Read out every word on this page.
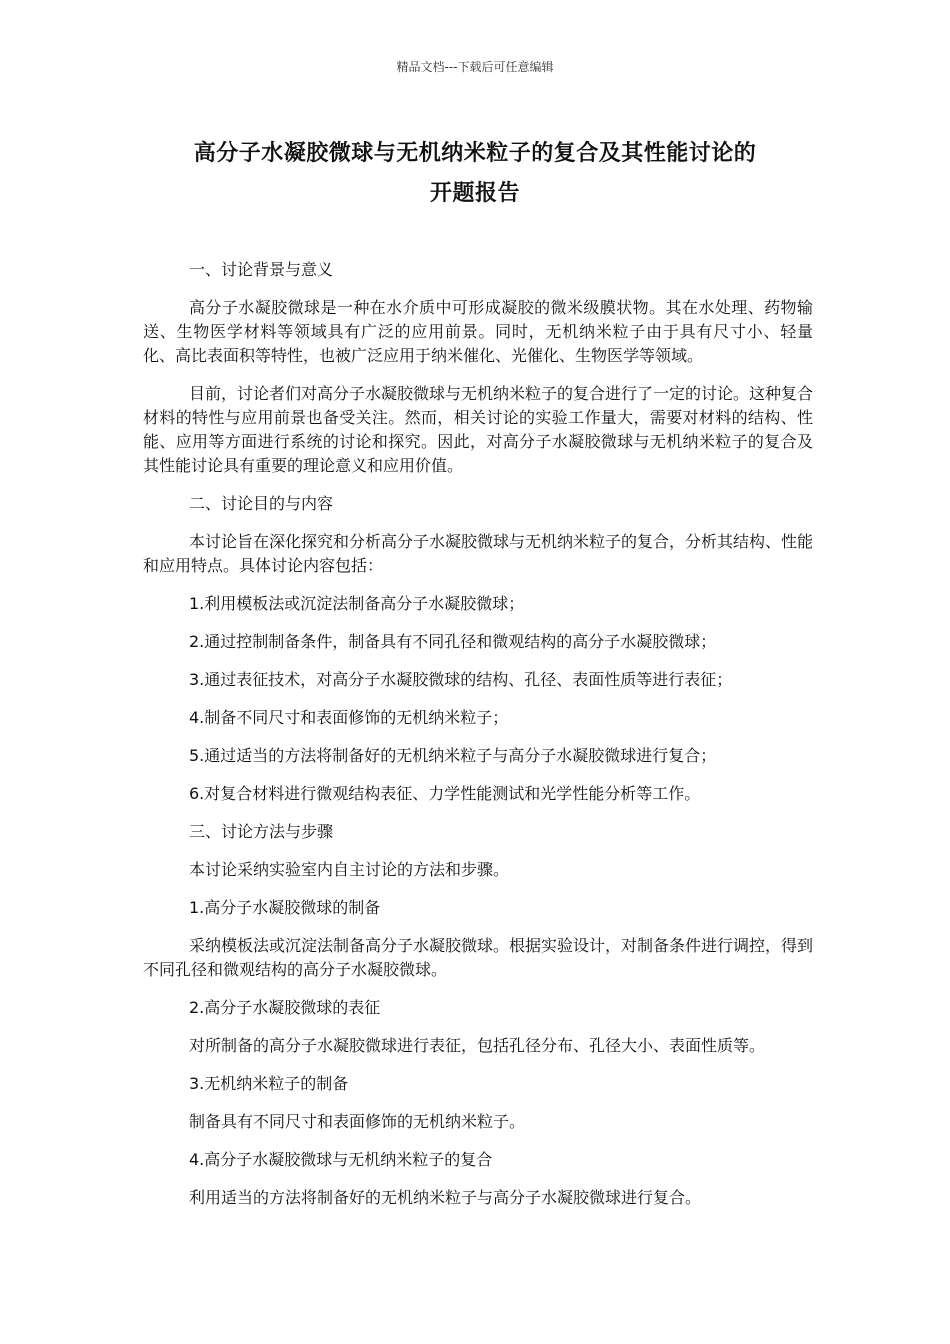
精品文档---下载后可任意编辑
高分子水凝胶微球与无机纳米粒子的复合及其性能讨论的
开题报告

一、讨论背景与意义

高分子水凝胶微球是一种在水介质中可形成凝胶的微米级膜状物。其在水处理、药物输送、生物医学材料等领域具有广泛的应用前景。同时，无机纳米粒子由于具有尺寸小、轻量化、高比表面积等特性，也被广泛应用于纳米催化、光催化、生物医学等领域。

目前，讨论者们对高分子水凝胶微球与无机纳米粒子的复合进行了一定的讨论。这种复合材料的特性与应用前景也备受关注。然而，相关讨论的实验工作量大，需要对材料的结构、性能、应用等方面进行系统的讨论和探究。因此，对高分子水凝胶微球与无机纳米粒子的复合及其性能讨论具有重要的理论意义和应用价值。

二、讨论目的与内容

本讨论旨在深化探究和分析高分子水凝胶微球与无机纳米粒子的复合，分析其结构、性能和应用特点。具体讨论内容包括：

1.利用模板法或沉淀法制备高分子水凝胶微球；

2.通过控制制备条件，制备具有不同孔径和微观结构的高分子水凝胶微球；

3.通过表征技术，对高分子水凝胶微球的结构、孔径、表面性质等进行表征；

4.制备不同尺寸和表面修饰的无机纳米粒子；

5.通过适当的方法将制备好的无机纳米粒子与高分子水凝胶微球进行复合；

6.对复合材料进行微观结构表征、力学性能测试和光学性能分析等工作。

三、讨论方法与步骤

本讨论采纳实验室内自主讨论的方法和步骤。

1.高分子水凝胶微球的制备

采纳模板法或沉淀法制备高分子水凝胶微球。根据实验设计，对制备条件进行调控，得到不同孔径和微观结构的高分子水凝胶微球。

2.高分子水凝胶微球的表征

对所制备的高分子水凝胶微球进行表征，包括孔径分布、孔径大小、表面性质等。

3.无机纳米粒子的制备

制备具有不同尺寸和表面修饰的无机纳米粒子。

4.高分子水凝胶微球与无机纳米粒子的复合

利用适当的方法将制备好的无机纳米粒子与高分子水凝胶微球进行复合。
